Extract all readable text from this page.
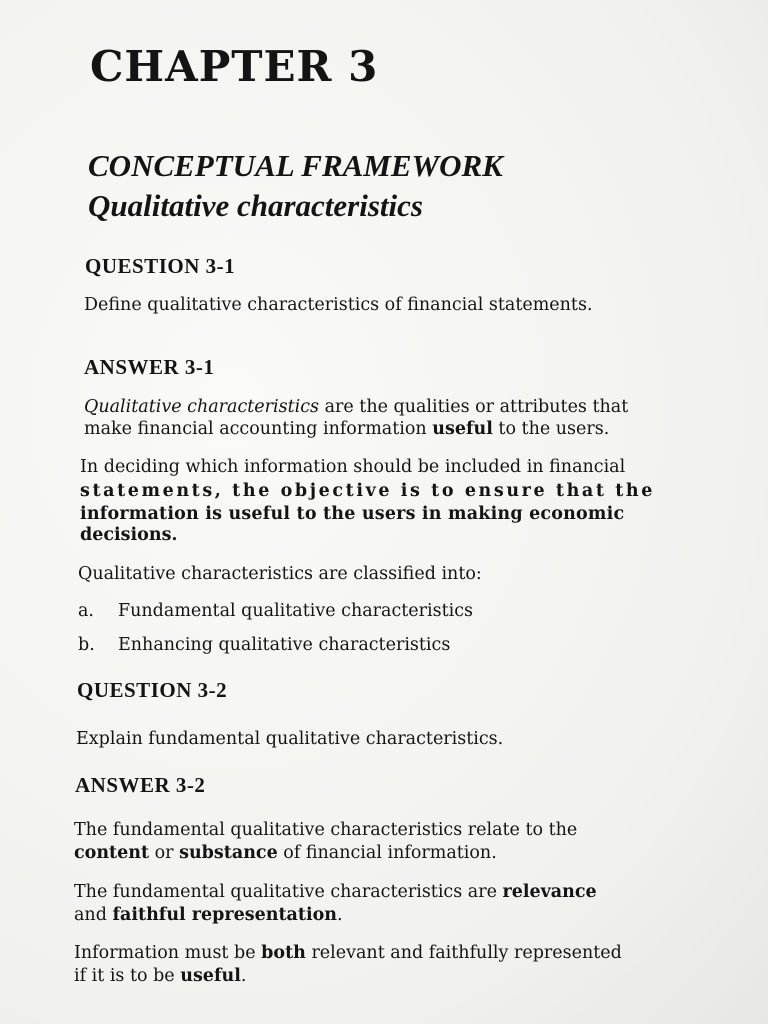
CHAPTER 3
CONCEPTUAL FRAMEWORK
Qualitative characteristics
QUESTION 3-1
Define qualitative characteristics of financial statements.
ANSWER 3-1
Qualitative characteristics are the qualities or attributes that
make financial accounting information useful to the users.
In deciding which information should be included in financial
statements, the objective is to ensure that the
information is useful to the users in making economic
decisions.
Qualitative characteristics are classified into:
a.	Fundamental qualitative characteristics
b.	Enhancing qualitative characteristics
QUESTION 3-2
Explain fundamental qualitative characteristics.
ANSWER 3-2
The fundamental qualitative characteristics relate to the
content or substance of financial information.
The fundamental qualitative characteristics are relevance
and faithful representation.
Information must be both relevant and faithfully represented
if it is to be useful.
